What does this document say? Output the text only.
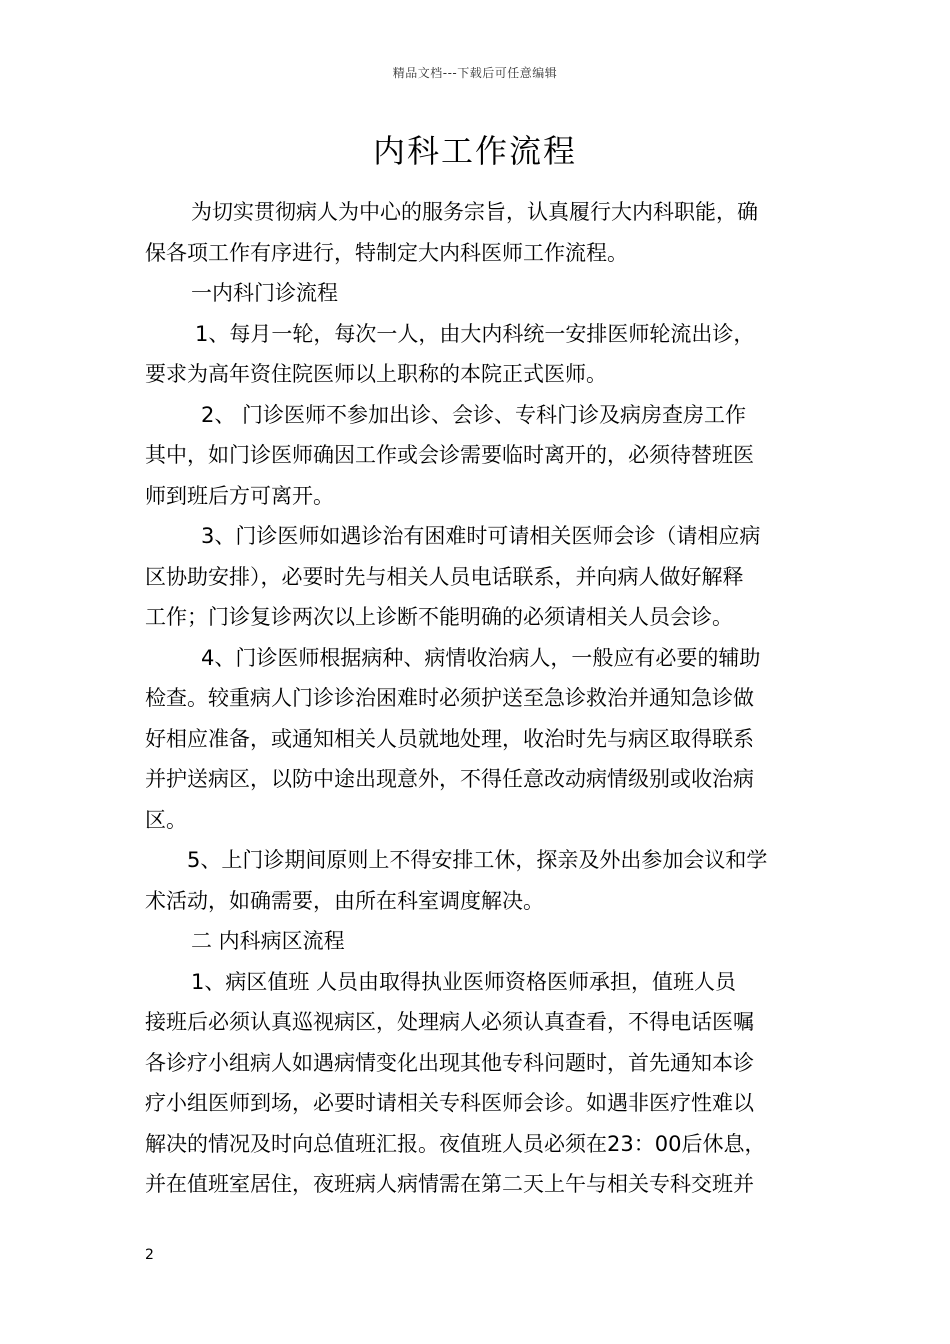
精品文档---下载后可任意编辑
内科工作流程
为切实贯彻病人为中心的服务宗旨，认真履行大内科职能，确
保各项工作有序进行，特制定大内科医师工作流程。
一内科门诊流程
1、每月一轮，每次一人，由大内科统一安排医师轮流出诊，
要求为高年资住院医师以上职称的本院正式医师。
2、 门诊医师不参加出诊、会诊、专科门诊及病房查房工作
其中，如门诊医师确因工作或会诊需要临时离开的，必须待替班医
师到班后方可离开。
3、门诊医师如遇诊治有困难时可请相关医师会诊（请相应病
区协助安排），必要时先与相关人员电话联系，并向病人做好解释
工作；门诊复诊两次以上诊断不能明确的必须请相关人员会诊。
4、门诊医师根据病种、病情收治病人，一般应有必要的辅助
检查。较重病人门诊诊治困难时必须护送至急诊救治并通知急诊做
好相应准备，或通知相关人员就地处理，收治时先与病区取得联系
并护送病区，以防中途出现意外，不得任意改动病情级别或收治病
区。
5、上门诊期间原则上不得安排工休，探亲及外出参加会议和学
术活动，如确需要，由所在科室调度解决。
二 内科病区流程
1、病区值班 人员由取得执业医师资格医师承担，值班人员
接班后必须认真巡视病区，处理病人必须认真查看，不得电话医嘱
各诊疗小组病人如遇病情变化出现其他专科问题时，首先通知本诊
疗小组医师到场，必要时请相关专科医师会诊。如遇非医疗性难以
解决的情况及时向总值班汇报。夜值班人员必须在23：00后休息，
并在值班室居住，夜班病人病情需在第二天上午与相关专科交班并
2
